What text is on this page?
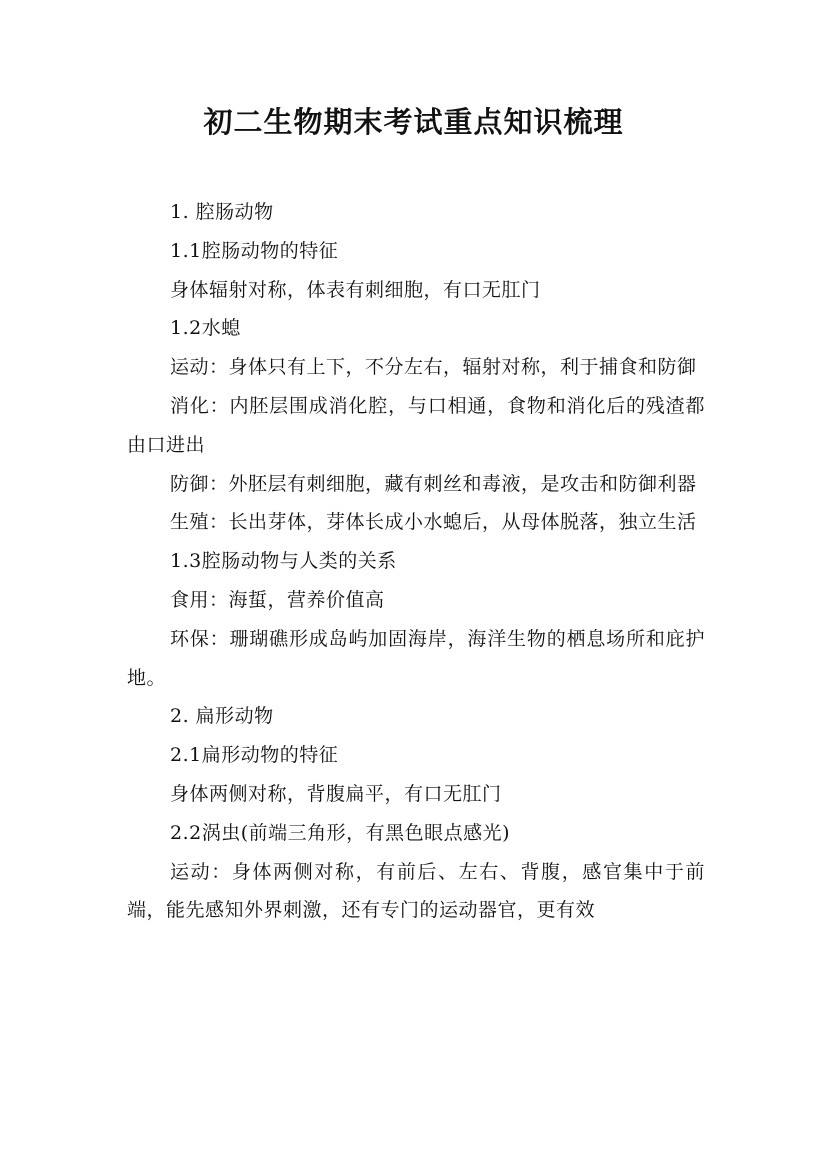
初二生物期末考试重点知识梳理

1. 腔肠动物

1.1腔肠动物的特征

身体辐射对称，体表有刺细胞，有口无肛门

1.2水螅

运动：身体只有上下，不分左右，辐射对称，利于捕食和防御

消化：内胚层围成消化腔，与口相通，食物和消化后的残渣都由口进出

防御：外胚层有刺细胞，藏有刺丝和毒液，是攻击和防御利器

生殖：长出芽体，芽体长成小水螅后，从母体脱落，独立生活

1.3腔肠动物与人类的关系

食用：海蜇，营养价值高

环保：珊瑚礁形成岛屿加固海岸，海洋生物的栖息场所和庇护地。

2. 扁形动物

2.1扁形动物的特征

身体两侧对称，背腹扁平，有口无肛门

2.2涡虫(前端三角形，有黑色眼点感光)

运动：身体两侧对称，有前后、左右、背腹，感官集中于前端，能先感知外界刺激，还有专门的运动器官，更有效
